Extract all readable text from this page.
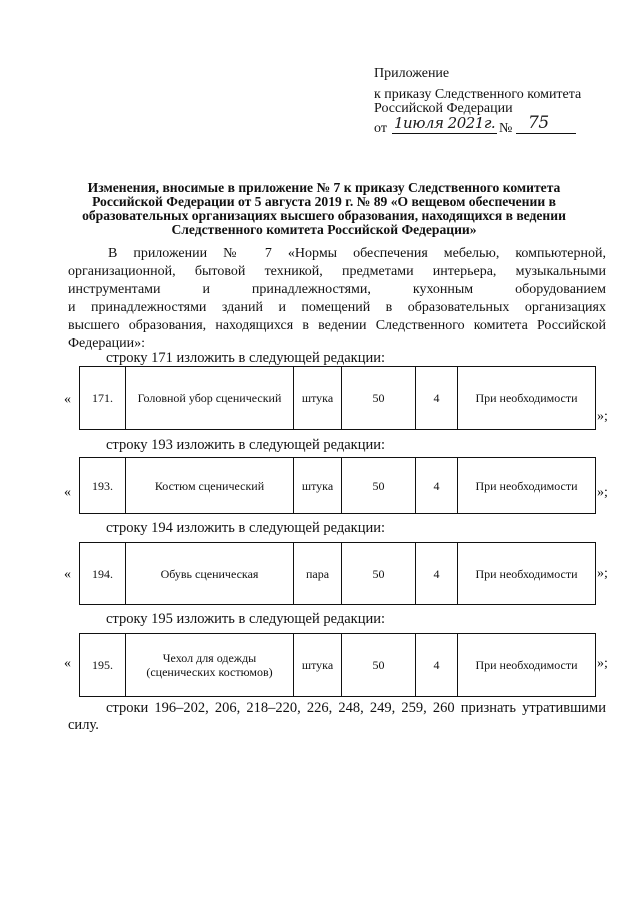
Приложение
к приказу Следственного комитета
Российской Федерации
от 1июля 2021г. № 75
Изменения, вносимые в приложение № 7 к приказу Следственного комитета Российской Федерации от 5 августа 2019 г. № 89 «О вещевом обеспечении в образовательных организациях высшего образования, находящихся в ведении Следственного комитета Российской Федерации»
В приложении № 7 «Нормы обеспечения мебелью, компьютерной,
организационной, бытовой техникой, предметами интерьера, музыкальными
инструментами и принадлежностями, кухонным оборудованием
и принадлежностями зданий и помещений в образовательных организациях
высшего образования, находящихся в ведении Следственного комитета Российской
Федерации»:
строку 171 изложить в следующей редакции:
« 171.	Головной убор сценический	штука	50	4	При необходимости
»;
строку 193 изложить в следующей редакции:
« 193.	Костюм сценический	штука	50	4	При необходимости »;
строку 194 изложить в следующей редакции:
« 194.	Обувь сценическая	пара	50	4	При необходимости »;
строку 195 изложить в следующей редакции:
« 195.	Чехол для одежды
(сценических костюмов)	штука	50	4	При необходимости »;
строки 196–202, 206, 218–220, 226, 248, 249, 259, 260 признать утратившими
силу.
